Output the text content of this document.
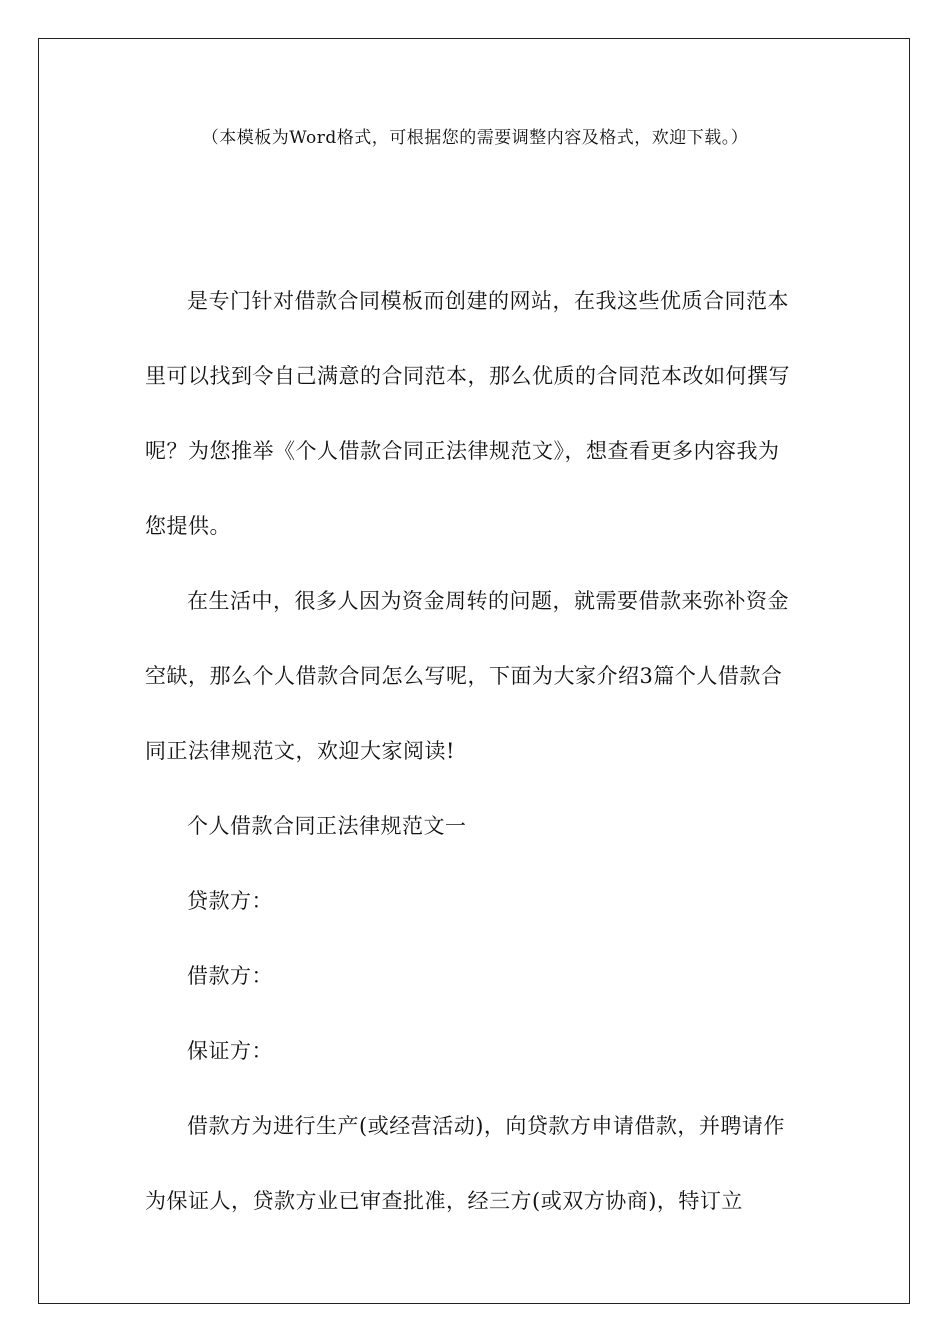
（本模板为Word格式，可根据您的需要调整内容及格式，欢迎下载。）

是专门针对借款合同模板而创建的网站，在我这些优质合同范本里可以找到令自己满意的合同范本，那么优质的合同范本改如何撰写呢？为您推举《个人借款合同正法律规范文》，想查看更多内容我为您提供。

在生活中，很多人因为资金周转的问题，就需要借款来弥补资金空缺，那么个人借款合同怎么写呢，下面为大家介绍3篇个人借款合同正法律规范文，欢迎大家阅读!

个人借款合同正法律规范文一

贷款方：

借款方：

保证方：

借款方为进行生产(或经营活动)，向贷款方申请借款，并聘请作为保证人，贷款方业已审查批准，经三方(或双方协商)，特订立
